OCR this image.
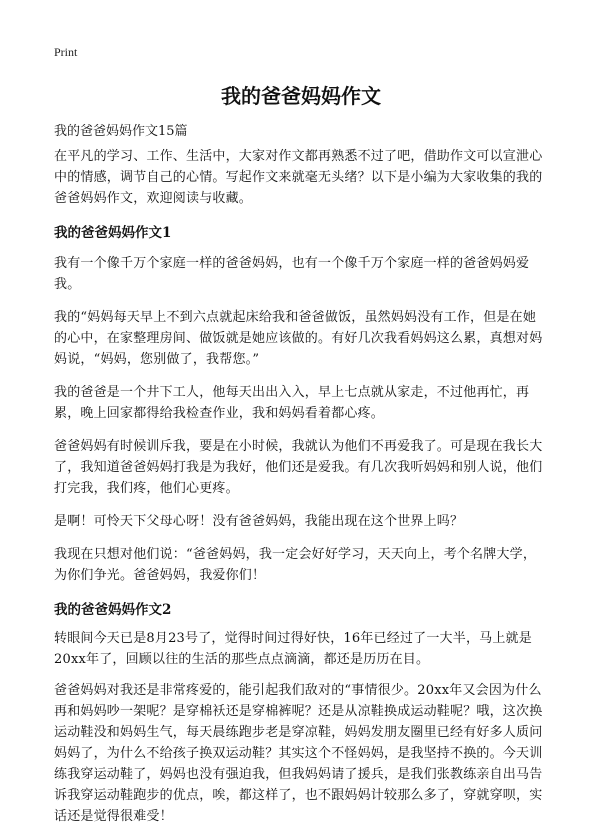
Print
我的爸爸妈妈作文

我的爸爸妈妈作文15篇

在平凡的学习、工作、生活中，大家对作文都再熟悉不过了吧，借助作文可以宣泄心中的情感，调节自己的心情。写起作文来就毫无头绪？以下是小编为大家收集的我的爸爸妈妈作文，欢迎阅读与收藏。

我的爸爸妈妈作文1

我有一个像千万个家庭一样的爸爸妈妈，也有一个像千万个家庭一样的爸爸妈妈爱我。

我的“妈妈每天早上不到六点就起床给我和爸爸做饭，虽然妈妈没有工作，但是在她的心中，在家整理房间、做饭就是她应该做的。有好几次我看妈妈这么累，真想对妈妈说，“妈妈，您别做了，我帮您。”

我的爸爸是一个井下工人，他每天出出入入，早上七点就从家走，不过他再忙，再累，晚上回家都得给我检查作业，我和妈妈看着都心疼。

爸爸妈妈有时候训斥我，要是在小时候，我就认为他们不再爱我了。可是现在我长大了，我知道爸爸妈妈打我是为我好，他们还是爱我。有几次我听妈妈和别人说，他们打完我，我们疼，他们心更疼。

是啊！可怜天下父母心呀！没有爸爸妈妈，我能出现在这个世界上吗？

我现在只想对他们说：“爸爸妈妈，我一定会好好学习，天天向上，考个名牌大学，为你们争光。爸爸妈妈，我爱你们！

我的爸爸妈妈作文2

转眼间今天已是8月23号了，觉得时间过得好快，16年已经过了一大半，马上就是20xx年了，回顾以往的生活的那些点点滴滴，都还是历历在目。

爸爸妈妈对我还是非常疼爱的，能引起我们敌对的“事情很少。20xx年又会因为什么再和妈妈吵一架呢？是穿棉袄还是穿棉裤呢？还是从凉鞋换成运动鞋呢？哦，这次换运动鞋没和妈妈生气，每天晨练跑步老是穿凉鞋，妈妈发朋友圈里已经有好多人质问妈妈了，为什么不给孩子换双运动鞋？其实这个不怪妈妈，是我坚持不换的。今天训练我穿运动鞋了，妈妈也没有强迫我，但我妈妈请了援兵，是我们张教练亲自出马告诉我穿运动鞋跑步的优点，唉，都这样了，也不跟妈妈计较那么多了，穿就穿呗，实话还是觉得很难受！
